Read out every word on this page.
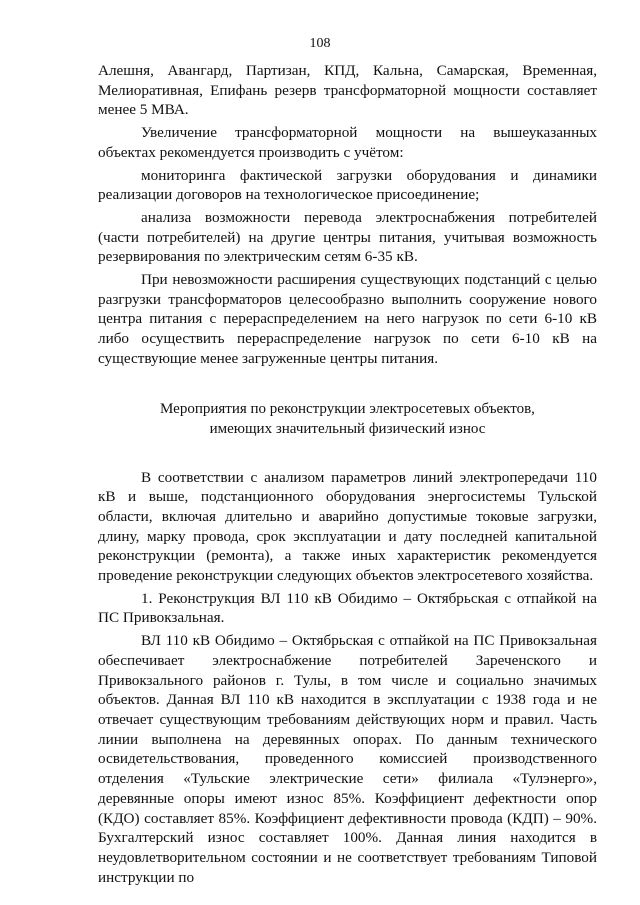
108

Алешня, Авангард, Партизан, КПД, Кальна, Самарская, Временная, Мелиоративная, Епифань резерв трансформаторной мощности составляет менее 5 МВА.

Увеличение трансформаторной мощности на вышеуказанных объектах рекомендуется производить с учётом:

мониторинга фактической загрузки оборудования и динамики реализации договоров на технологическое присоединение;

анализа возможности перевода электроснабжения потребителей (части потребителей) на другие центры питания, учитывая возможность резервирования по электрическим сетям 6-35 кВ.

При невозможности расширения существующих подстанций с целью разгрузки трансформаторов целесообразно выполнить сооружение нового центра питания с перераспределением на него нагрузок по сети 6-10 кВ либо осуществить перераспределение нагрузок по сети 6-10 кВ на существующие менее загруженные центры питания.

Мероприятия по реконструкции электросетевых объектов,
имеющих значительный физический износ

В соответствии с анализом параметров линий электропередачи 110 кВ и выше, подстанционного оборудования энергосистемы Тульской области, включая длительно и аварийно допустимые токовые загрузки, длину, марку провода, срок эксплуатации и дату последней капитальной реконструкции (ремонта), а также иных характеристик рекомендуется проведение реконструкции следующих объектов электросетевого хозяйства.

1. Реконструкция ВЛ 110 кВ Обидимо – Октябрьская с отпайкой на ПС Привокзальная.

ВЛ 110 кВ Обидимо – Октябрьская с отпайкой на ПС Привокзальная обеспечивает электроснабжение потребителей Зареченского и Привокзального районов г. Тулы, в том числе и социально значимых объектов. Данная ВЛ 110 кВ находится в эксплуатации с 1938 года и не отвечает существующим требованиям действующих норм и правил. Часть линии выполнена на деревянных опорах. По данным технического освидетельствования, проведенного комиссией производственного отделения «Тульские электрические сети» филиала «Тулэнерго», деревянные опоры имеют износ 85%. Коэффициент дефектности опор (КДО) составляет 85%. Коэффициент дефективности провода (КДП) – 90%. Бухгалтерский износ составляет 100%. Данная линия находится в неудовлетворительном состоянии и не соответствует требованиям Типовой инструкции по
